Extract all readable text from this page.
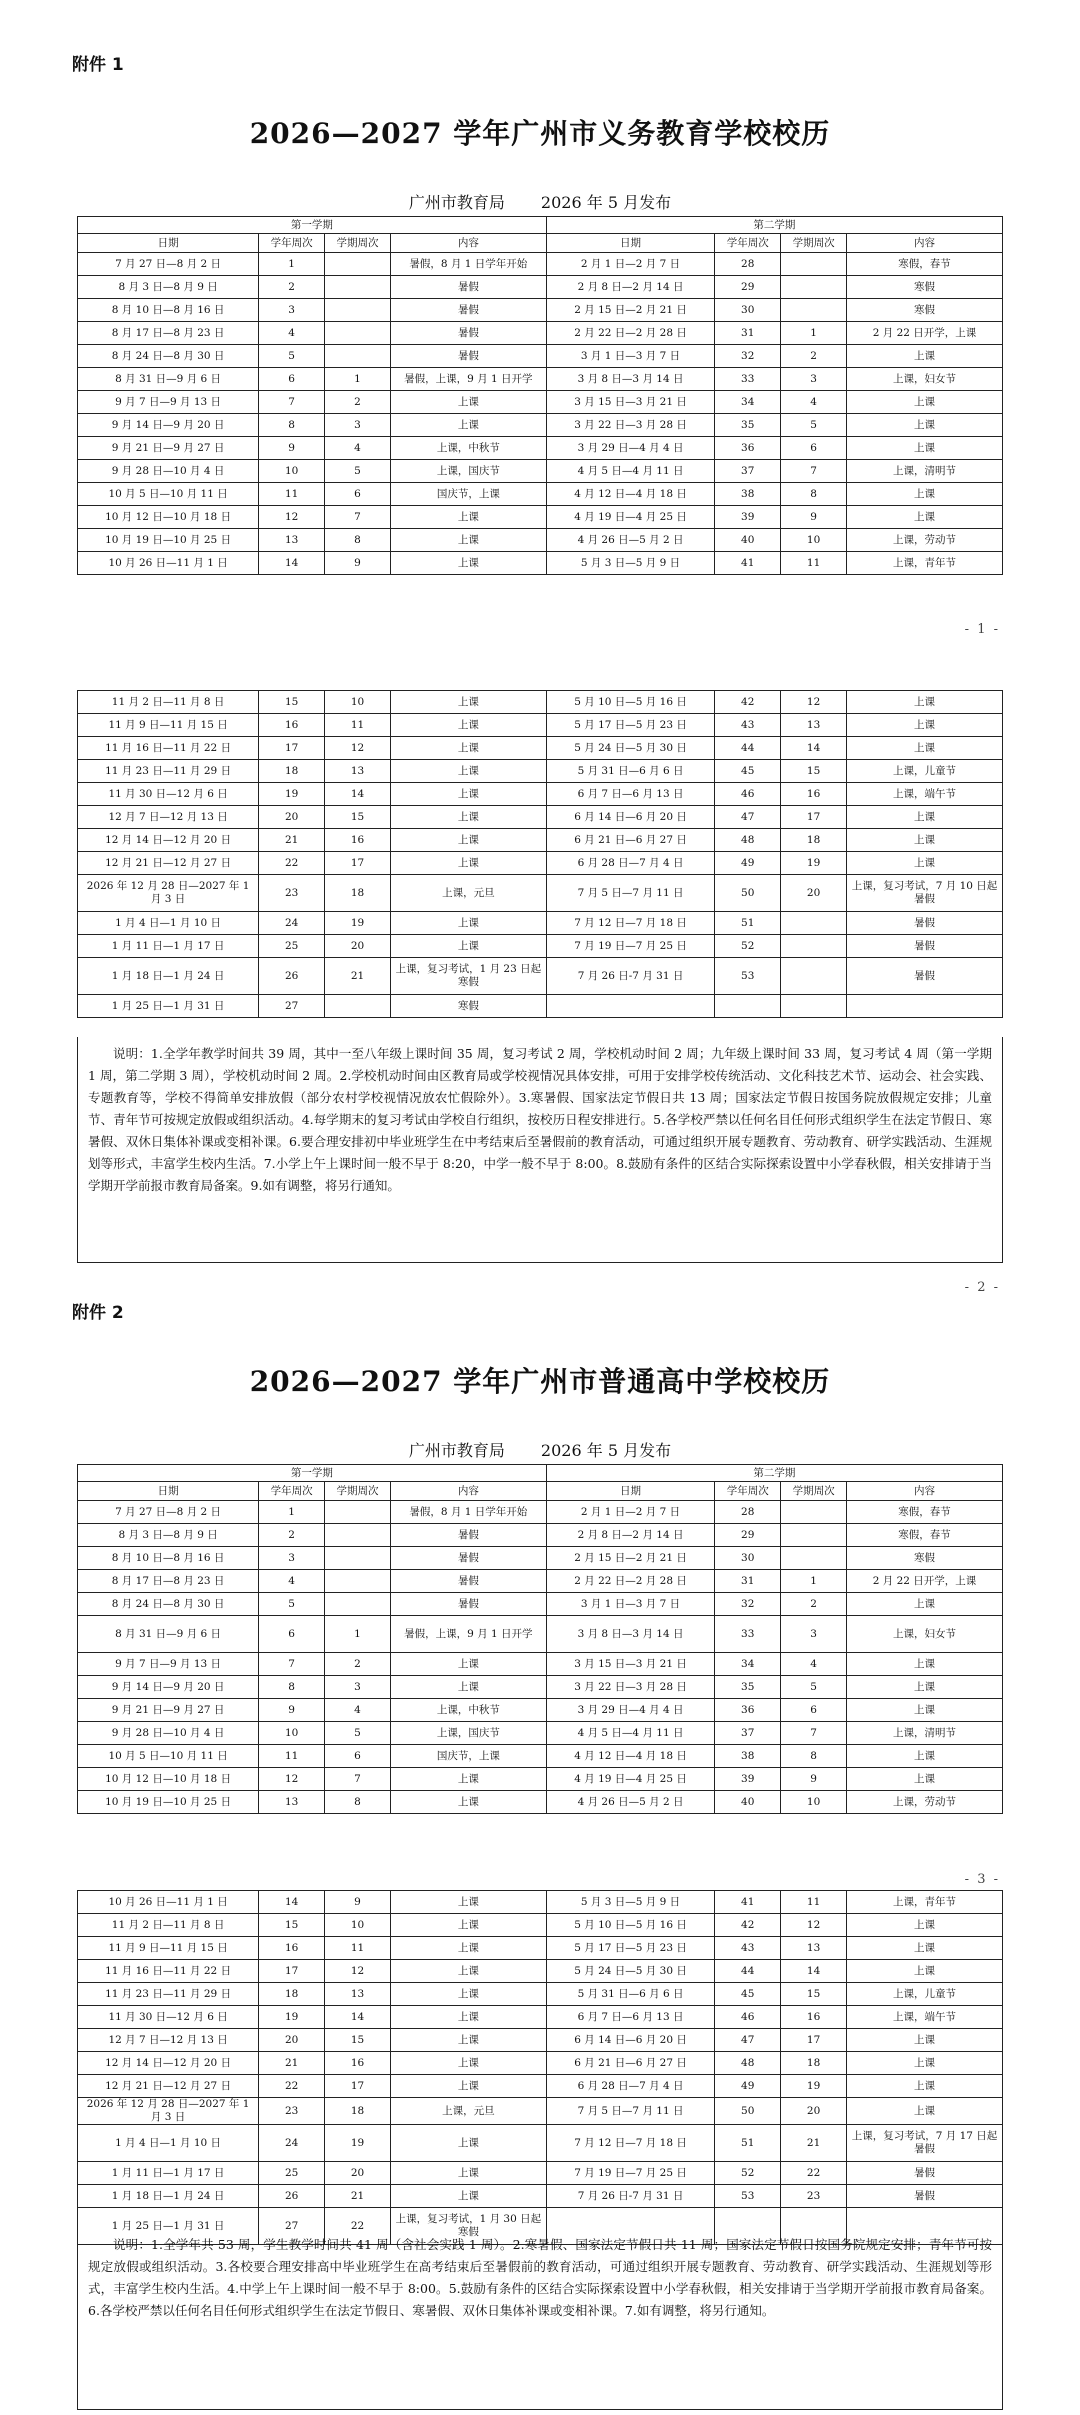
附件 1
2026—2027 学年广州市义务教育学校校历
广州市教育局 2026 年 5 月发布
第一学期				第二学期			
日期	学年周次	学期周次	内容	日期	学年周次	学期周次	内容
7 月 27 日—8 月 2 日	1		暑假，8 月 1 日学年开始	2 月 1 日—2 月 7 日	28		寒假，春节
8 月 3 日—8 月 9 日	2		暑假	2 月 8 日—2 月 14 日	29		寒假
8 月 10 日—8 月 16 日	3		暑假	2 月 15 日—2 月 21 日	30		寒假
8 月 17 日—8 月 23 日	4		暑假	2 月 22 日—2 月 28 日	31	1	2 月 22 日开学，上课
8 月 24 日—8 月 30 日	5		暑假	3 月 1 日—3 月 7 日	32	2	上课
8 月 31 日—9 月 6 日	6	1	暑假，上课，9 月 1 日开学	3 月 8 日—3 月 14 日	33	3	上课，妇女节
9 月 7 日—9 月 13 日	7	2	上课	3 月 15 日—3 月 21 日	34	4	上课
9 月 14 日—9 月 20 日	8	3	上课	3 月 22 日—3 月 28 日	35	5	上课
9 月 21 日—9 月 27 日	9	4	上课，中秋节	3 月 29 日—4 月 4 日	36	6	上课
9 月 28 日—10 月 4 日	10	5	上课，国庆节	4 月 5 日—4 月 11 日	37	7	上课，清明节
10 月 5 日—10 月 11 日	11	6	国庆节，上课	4 月 12 日—4 月 18 日	38	8	上课
10 月 12 日—10 月 18 日	12	7	上课	4 月 19 日—4 月 25 日	39	9	上课
10 月 19 日—10 月 25 日	13	8	上课	4 月 26 日—5 月 2 日	40	10	上课，劳动节
10 月 26 日—11 月 1 日	14	9	上课	5 月 3 日—5 月 9 日	41	11	上课，青年节
- 1 -
11 月 2 日—11 月 8 日	15	10	上课	5 月 10 日—5 月 16 日	42	12	上课
11 月 9 日—11 月 15 日	16	11	上课	5 月 17 日—5 月 23 日	43	13	上课
11 月 16 日—11 月 22 日	17	12	上课	5 月 24 日—5 月 30 日	44	14	上课
11 月 23 日—11 月 29 日	18	13	上课	5 月 31 日—6 月 6 日	45	15	上课，儿童节
11 月 30 日—12 月 6 日	19	14	上课	6 月 7 日—6 月 13 日	46	16	上课，端午节
12 月 7 日—12 月 13 日	20	15	上课	6 月 14 日—6 月 20 日	47	17	上课
12 月 14 日—12 月 20 日	21	16	上课	6 月 21 日—6 月 27 日	48	18	上课
12 月 21 日—12 月 27 日	22	17	上课	6 月 28 日—7 月 4 日	49	19	上课
2026 年 12 月 28 日—2027 年 1 月 3 日	23	18	上课，元旦	7 月 5 日—7 月 11 日	50	20	上课，复习考试，7 月 10 日起暑假
1 月 4 日—1 月 10 日	24	19	上课	7 月 12 日—7 月 18 日	51		暑假
1 月 11 日—1 月 17 日	25	20	上课	7 月 19 日—7 月 25 日	52		暑假
1 月 18 日—1 月 24 日	26	21	上课，复习考试，1 月 23 日起寒假	7 月 26 日-7 月 31 日	53		暑假
1 月 25 日—1 月 31 日	27		寒假				
说明：1.全学年教学时间共 39 周，其中一至八年级上课时间 35 周，复习考试 2 周，学校机动时间 2 周；九年级上课时间 33 周，复习考试 4 周（第一学期 1 周，第二学期 3 周），学校机动时间 2 周。2.学校机动时间由区教育局或学校视情况具体安排，可用于安排学校传统活动、文化科技艺术节、运动会、社会实践、专题教育等，学校不得简单安排放假（部分农村学校视情况放农忙假除外）。3.寒暑假、国家法定节假日共 13 周；国家法定节假日按国务院放假规定安排；儿童节、青年节可按规定放假或组织活动。4.每学期末的复习考试由学校自行组织，按校历日程安排进行。5.各学校严禁以任何名目任何形式组织学生在法定节假日、寒暑假、双休日集体补课或变相补课。6.要合理安排初中毕业班学生在中考结束后至暑假前的教育活动，可通过组织开展专题教育、劳动教育、研学实践活动、生涯规划等形式，丰富学生校内生活。7.小学上午上课时间一般不早于 8:20，中学一般不早于 8:00。8.鼓励有条件的区结合实际探索设置中小学春秋假，相关安排请于当学期开学前报市教育局备案。9.如有调整，将另行通知。
- 2 -
附件 2
2026—2027 学年广州市普通高中学校校历
广州市教育局 2026 年 5 月发布
第一学期				第二学期			
日期	学年周次	学期周次	内容	日期	学年周次	学期周次	内容
7 月 27 日—8 月 2 日	1		暑假，8 月 1 日学年开始	2 月 1 日—2 月 7 日	28		寒假，春节
8 月 3 日—8 月 9 日	2		暑假	2 月 8 日—2 月 14 日	29		寒假，春节
8 月 10 日—8 月 16 日	3		暑假	2 月 15 日—2 月 21 日	30		寒假
8 月 17 日—8 月 23 日	4		暑假	2 月 22 日—2 月 28 日	31	1	2 月 22 日开学，上课
8 月 24 日—8 月 30 日	5		暑假	3 月 1 日—3 月 7 日	32	2	上课
8 月 31 日—9 月 6 日	6	1	暑假，上课，9 月 1 日开学	3 月 8 日—3 月 14 日	33	3	上课，妇女节
9 月 7 日—9 月 13 日	7	2	上课	3 月 15 日—3 月 21 日	34	4	上课
9 月 14 日—9 月 20 日	8	3	上课	3 月 22 日—3 月 28 日	35	5	上课
9 月 21 日—9 月 27 日	9	4	上课，中秋节	3 月 29 日—4 月 4 日	36	6	上课
9 月 28 日—10 月 4 日	10	5	上课，国庆节	4 月 5 日—4 月 11 日	37	7	上课，清明节
10 月 5 日—10 月 11 日	11	6	国庆节，上课	4 月 12 日—4 月 18 日	38	8	上课
10 月 12 日—10 月 18 日	12	7	上课	4 月 19 日—4 月 25 日	39	9	上课
10 月 19 日—10 月 25 日	13	8	上课	4 月 26 日—5 月 2 日	40	10	上课，劳动节
- 3 -
10 月 26 日—11 月 1 日	14	9	上课	5 月 3 日—5 月 9 日	41	11	上课，青年节
11 月 2 日—11 月 8 日	15	10	上课	5 月 10 日—5 月 16 日	42	12	上课
11 月 9 日—11 月 15 日	16	11	上课	5 月 17 日—5 月 23 日	43	13	上课
11 月 16 日—11 月 22 日	17	12	上课	5 月 24 日—5 月 30 日	44	14	上课
11 月 23 日—11 月 29 日	18	13	上课	5 月 31 日—6 月 6 日	45	15	上课，儿童节
11 月 30 日—12 月 6 日	19	14	上课	6 月 7 日—6 月 13 日	46	16	上课，端午节
12 月 7 日—12 月 13 日	20	15	上课	6 月 14 日—6 月 20 日	47	17	上课
12 月 14 日—12 月 20 日	21	16	上课	6 月 21 日—6 月 27 日	48	18	上课
12 月 21 日—12 月 27 日	22	17	上课	6 月 28 日—7 月 4 日	49	19	上课
2026 年 12 月 28 日—2027 年 1 月 3 日	23	18	上课，元旦	7 月 5 日—7 月 11 日	50	20	上课
1 月 4 日—1 月 10 日	24	19	上课	7 月 12 日—7 月 18 日	51	21	上课，复习考试，7 月 17 日起暑假
1 月 11 日—1 月 17 日	25	20	上课	7 月 19 日—7 月 25 日	52	22	暑假
1 月 18 日—1 月 24 日	26	21	上课	7 月 26 日-7 月 31 日	53	23	暑假
1 月 25 日—1 月 31 日	27	22	上课，复习考试，1 月 30 日起寒假				
说明：1.全学年共 53 周，学生教学时间共 41 周（含社会实践 1 周）。2.寒暑假、国家法定节假日共 11 周；国家法定节假日按国务院规定安排；青年节可按规定放假或组织活动。3.各校要合理安排高中毕业班学生在高考结束后至暑假前的教育活动，可通过组织开展专题教育、劳动教育、研学实践活动、生涯规划等形式，丰富学生校内生活。4.中学上午上课时间一般不早于 8:00。5.鼓励有条件的区结合实际探索设置中小学春秋假，相关安排请于当学期开学前报市教育局备案。6.各学校严禁以任何名目任何形式组织学生在法定节假日、寒暑假、双休日集体补课或变相补课。7.如有调整，将另行通知。
